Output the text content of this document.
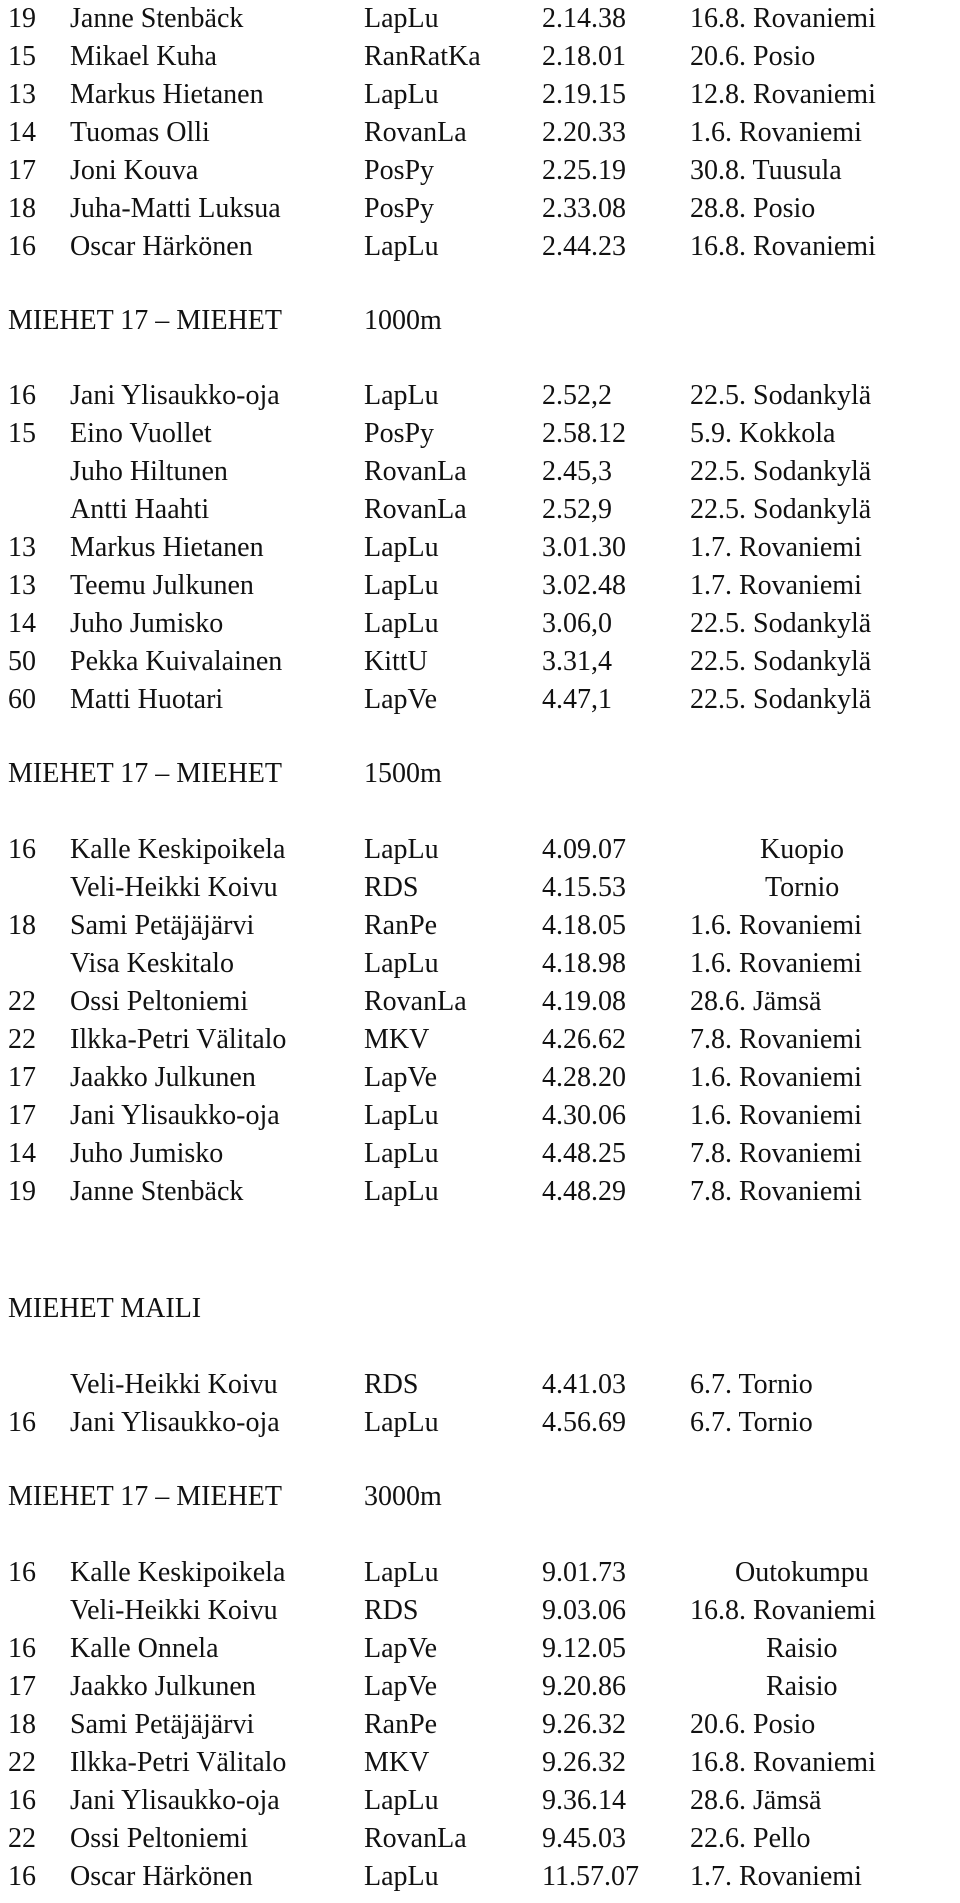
19 Janne Stenbäck	LapLu	2.14.38 16.8. Rovaniemi
15 Mikael Kuha	RanRatKa 2.18.01 20.6. Posio
13 Markus Hietanen	LapLu	2.19.15 12.8. Rovaniemi
14 Tuomas Olli	RovanLa	2.20.33 1.6. Rovaniemi
17 Joni Kouva	PosPy	2.25.19 30.8. Tuusula
18 Juha-Matti Luksua	PosPy	2.33.08 28.8. Posio
16 Oscar Härkönen	LapLu	2.44.23 16.8. Rovaniemi
MIEHET 17 – MIEHET	1000m
16 Jani Ylisaukko-oja	LapLu	2.52,2	22.5. Sodankylä
15 Eino Vuollet	PosPy	2.58.12 5.9. Kokkola
Juho Hiltunen	RovanLa	2.45,3	22.5. Sodankylä
Antti Haahti	RovanLa	2.52,9	22.5. Sodankylä
13 Markus Hietanen	LapLu	3.01.30 1.7. Rovaniemi
13 Teemu Julkunen	LapLu	3.02.48 1.7. Rovaniemi
14 Juho Jumisko	LapLu	3.06,0	22.5. Sodankylä
50 Pekka Kuivalainen	KittU	3.31,4	22.5. Sodankylä
60 Matti Huotari	LapVe	4.47,1	22.5. Sodankylä
MIEHET 17 – MIEHET	1500m
16 Kalle Keskipoikela	LapLu	4.09.07	Kuopio
Veli-Heikki Koivu	RDS	4.15.53	Tornio
18 Sami Petäjäjärvi	RanPe	4.18.05 1.6. Rovaniemi
Visa Keskitalo	LapLu	4.18.98 1.6. Rovaniemi
22 Ossi Peltoniemi	RovanLa	4.19.08 28.6. Jämsä
22 Ilkka-Petri Välitalo	MKV	4.26.62 7.8. Rovaniemi
17 Jaakko Julkunen	LapVe	4.28.20 1.6. Rovaniemi
17 Jani Ylisaukko-oja	LapLu	4.30.06 1.6. Rovaniemi
14 Juho Jumisko	LapLu	4.48.25 7.8. Rovaniemi
19 Janne Stenbäck	LapLu	4.48.29 7.8. Rovaniemi
MIEHET MAILI
Veli-Heikki Koivu	RDS	4.41.03 6.7. Tornio
16 Jani Ylisaukko-oja	LapLu	4.56.69 6.7. Tornio
MIEHET 17 – MIEHET	3000m
16 Kalle Keskipoikela	LapLu	9.01.73	Outokumpu
Veli-Heikki Koivu	RDS	9.03.06 16.8. Rovaniemi
16 Kalle Onnela	LapVe	9.12.05	Raisio
17 Jaakko Julkunen	LapVe	9.20.86	Raisio
18 Sami Petäjäjärvi	RanPe	9.26.32 20.6. Posio
22 Ilkka-Petri Välitalo	MKV	9.26.32 16.8. Rovaniemi
16 Jani Ylisaukko-oja	LapLu	9.36.14 28.6. Jämsä
22 Ossi Peltoniemi	RovanLa	9.45.03 22.6. Pello
16 Oscar Härkönen	LapLu	11.57.07 1.7. Rovaniemi
